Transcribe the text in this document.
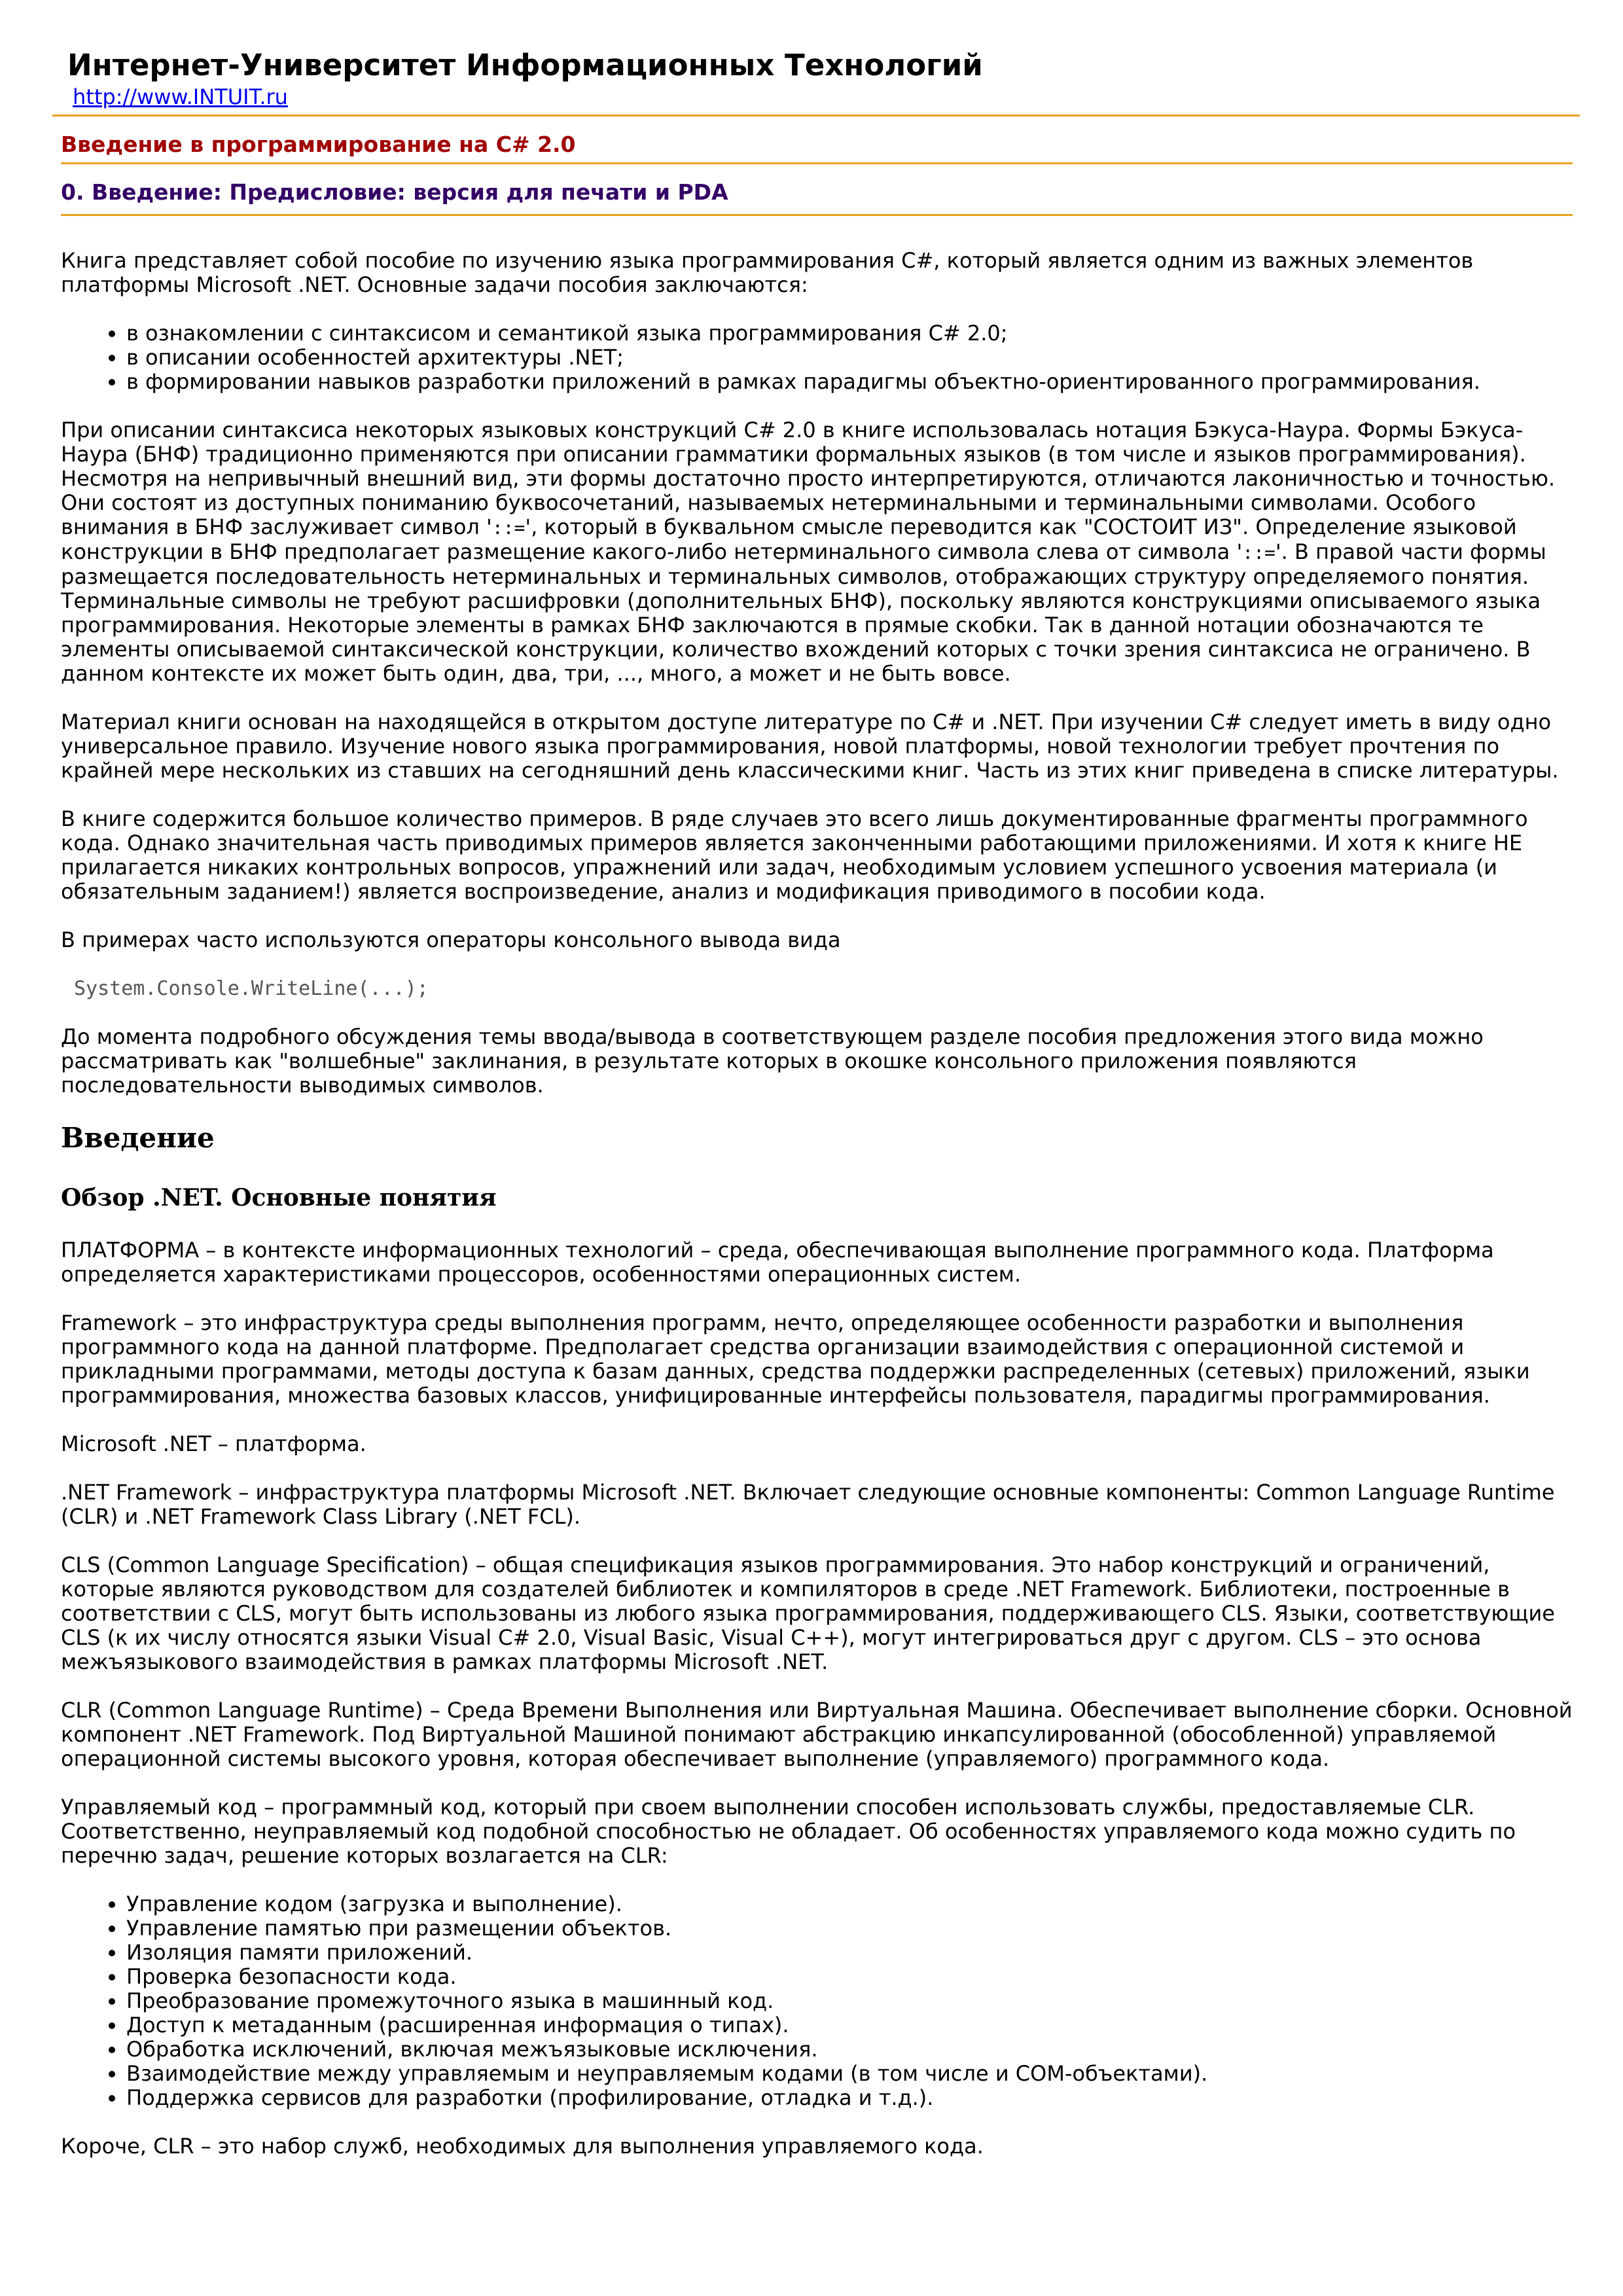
Интернет-Университет Информационных Технологий
http://www.INTUIT.ru
Введение в программирование на C# 2.0
0. Введение: Предисловие: версия для печати и PDA

Книга представляет собой пособие по изучению языка программирования C#, который является одним из важных элементов платформы Microsoft .NET. Основные задачи пособия заключаются:

• в ознакомлении с синтаксисом и семантикой языка программирования C# 2.0;
• в описании особенностей архитектуры .NET;
• в формировании навыков разработки приложений в рамках парадигмы объектно-ориентированного программирования.

При описании синтаксиса некоторых языковых конструкций C# 2.0 в книге использовалась нотация Бэкуса-Наура. Формы Бэкуса-Наура (БНФ) традиционно применяются при описании грамматики формальных языков (в том числе и языков программирования). Несмотря на непривычный внешний вид, эти формы достаточно просто интерпретируются, отличаются лаконичностью и точностью. Они состоят из доступных пониманию буквосочетаний, называемых нетерминальными и терминальными символами. Особого внимания в БНФ заслуживает символ '::=', который в буквальном смысле переводится как "СОСТОИТ ИЗ". Определение языковой конструкции в БНФ предполагает размещение какого-либо нетерминального символа слева от символа '::='. В правой части формы размещается последовательность нетерминальных и терминальных символов, отображающих структуру определяемого понятия. Терминальные символы не требуют расшифровки (дополнительных БНФ), поскольку являются конструкциями описываемого языка программирования. Некоторые элементы в рамках БНФ заключаются в прямые скобки. Так в данной нотации обозначаются те элементы описываемой синтаксической конструкции, количество вхождений которых с точки зрения синтаксиса не ограничено. В данном контексте их может быть один, два, три, ..., много, а может и не быть вовсе.

Материал книги основан на находящейся в открытом доступе литературе по C# и .NET. При изучении C# следует иметь в виду одно универсальное правило. Изучение нового языка программирования, новой платформы, новой технологии требует прочтения по крайней мере нескольких из ставших на сегодняшний день классическими книг. Часть из этих книг приведена в списке литературы.

В книге содержится большое количество примеров. В ряде случаев это всего лишь документированные фрагменты программного кода. Однако значительная часть приводимых примеров является законченными работающими приложениями. И хотя к книге НЕ прилагается никаких контрольных вопросов, упражнений или задач, необходимым условием успешного усвоения материала (и обязательным заданием!) является воспроизведение, анализ и модификация приводимого в пособии кода.

В примерах часто используются операторы консольного вывода вида

System.Console.WriteLine(...);

До момента подробного обсуждения темы ввода/вывода в соответствующем разделе пособия предложения этого вида можно рассматривать как "волшебные" заклинания, в результате которых в окошке консольного приложения появляются последовательности выводимых символов.

Введение
Обзор .NET. Основные понятия

ПЛАТФОРМА – в контексте информационных технологий – среда, обеспечивающая выполнение программного кода. Платформа определяется характеристиками процессоров, особенностями операционных систем.

Framework – это инфраструктура среды выполнения программ, нечто, определяющее особенности разработки и выполнения программного кода на данной платформе. Предполагает средства организации взаимодействия с операционной системой и прикладными программами, методы доступа к базам данных, средства поддержки распределенных (сетевых) приложений, языки программирования, множества базовых классов, унифицированные интерфейсы пользователя, парадигмы программирования.

Microsoft .NET – платформа.

.NET Framework – инфраструктура платформы Microsoft .NET. Включает следующие основные компоненты: Common Language Runtime (CLR) и .NET Framework Class Library (.NET FCL).

CLS (Common Language Specification) – общая спецификация языков программирования. Это набор конструкций и ограничений, которые являются руководством для создателей библиотек и компиляторов в среде .NET Framework. Библиотеки, построенные в соответствии с CLS, могут быть использованы из любого языка программирования, поддерживающего CLS. Языки, соответствующие CLS (к их числу относятся языки Visual C# 2.0, Visual Basic, Visual C++), могут интегрироваться друг с другом. CLS – это основа межъязыкового взаимодействия в рамках платформы Microsoft .NET.

CLR (Common Language Runtime) – Среда Времени Выполнения или Виртуальная Машина. Обеспечивает выполнение сборки. Основной компонент .NET Framework. Под Виртуальной Машиной понимают абстракцию инкапсулированной (обособленной) управляемой операционной системы высокого уровня, которая обеспечивает выполнение (управляемого) программного кода.

Управляемый код – программный код, который при своем выполнении способен использовать службы, предоставляемые CLR. Соответственно, неуправляемый код подобной способностью не обладает. Об особенностях управляемого кода можно судить по перечню задач, решение которых возлагается на CLR:

• Управление кодом (загрузка и выполнение).
• Управление памятью при размещении объектов.
• Изоляция памяти приложений.
• Проверка безопасности кода.
• Преобразование промежуточного языка в машинный код.
• Доступ к метаданным (расширенная информация о типах).
• Обработка исключений, включая межъязыковые исключения.
• Взаимодействие между управляемым и неуправляемым кодами (в том числе и COM-объектами).
• Поддержка сервисов для разработки (профилирование, отладка и т.д.).

Короче, CLR – это набор служб, необходимых для выполнения управляемого кода.
